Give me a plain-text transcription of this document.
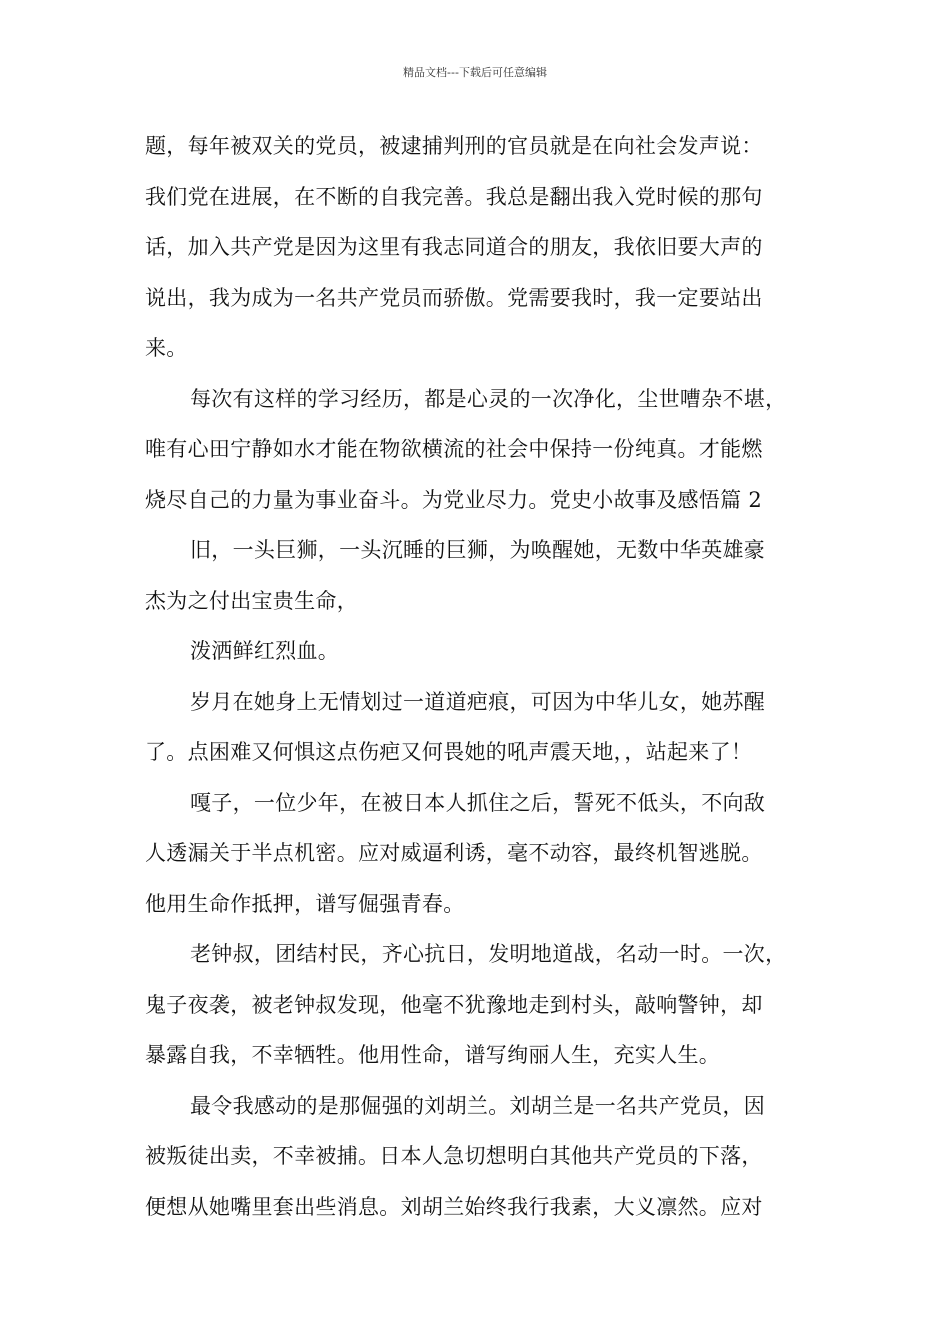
精品文档---下载后可任意编辑
题，每年被双关的党员，被逮捕判刑的官员就是在向社会发声说：
我们党在进展，在不断的自我完善。我总是翻出我入党时候的那句
话，加入共产党是因为这里有我志同道合的朋友，我依旧要大声的
说出，我为成为一名共产党员而骄傲。党需要我时，我一定要站出
来。
每次有这样的学习经历，都是心灵的一次净化，尘世嘈杂不堪，
唯有心田宁静如水才能在物欲横流的社会中保持一份纯真。才能燃
烧尽自己的力量为事业奋斗。为党业尽力。党史小故事及感悟篇 2
旧，一头巨狮，一头沉睡的巨狮，为唤醒她，无数中华英雄豪
杰为之付出宝贵生命，
泼洒鲜红烈血。
岁月在她身上无情划过一道道疤痕，可因为中华儿女，她苏醒
了。点困难又何惧这点伤疤又何畏她的吼声震天地，，站起来了！
嘎子，一位少年，在被日本人抓住之后，誓死不低头，不向敌
人透漏关于半点机密。应对威逼利诱，毫不动容，最终机智逃脱。
他用生命作抵押，谱写倔强青春。
老钟叔，团结村民，齐心抗日，发明地道战，名动一时。一次，
鬼子夜袭，被老钟叔发现，他毫不犹豫地走到村头，敲响警钟，却
暴露自我，不幸牺牲。他用性命，谱写绚丽人生，充实人生。
最令我感动的是那倔强的刘胡兰。刘胡兰是一名共产党员，因
被叛徒出卖，不幸被捕。日本人急切想明白其他共产党员的下落，
便想从她嘴里套出些消息。刘胡兰始终我行我素，大义凛然。应对
